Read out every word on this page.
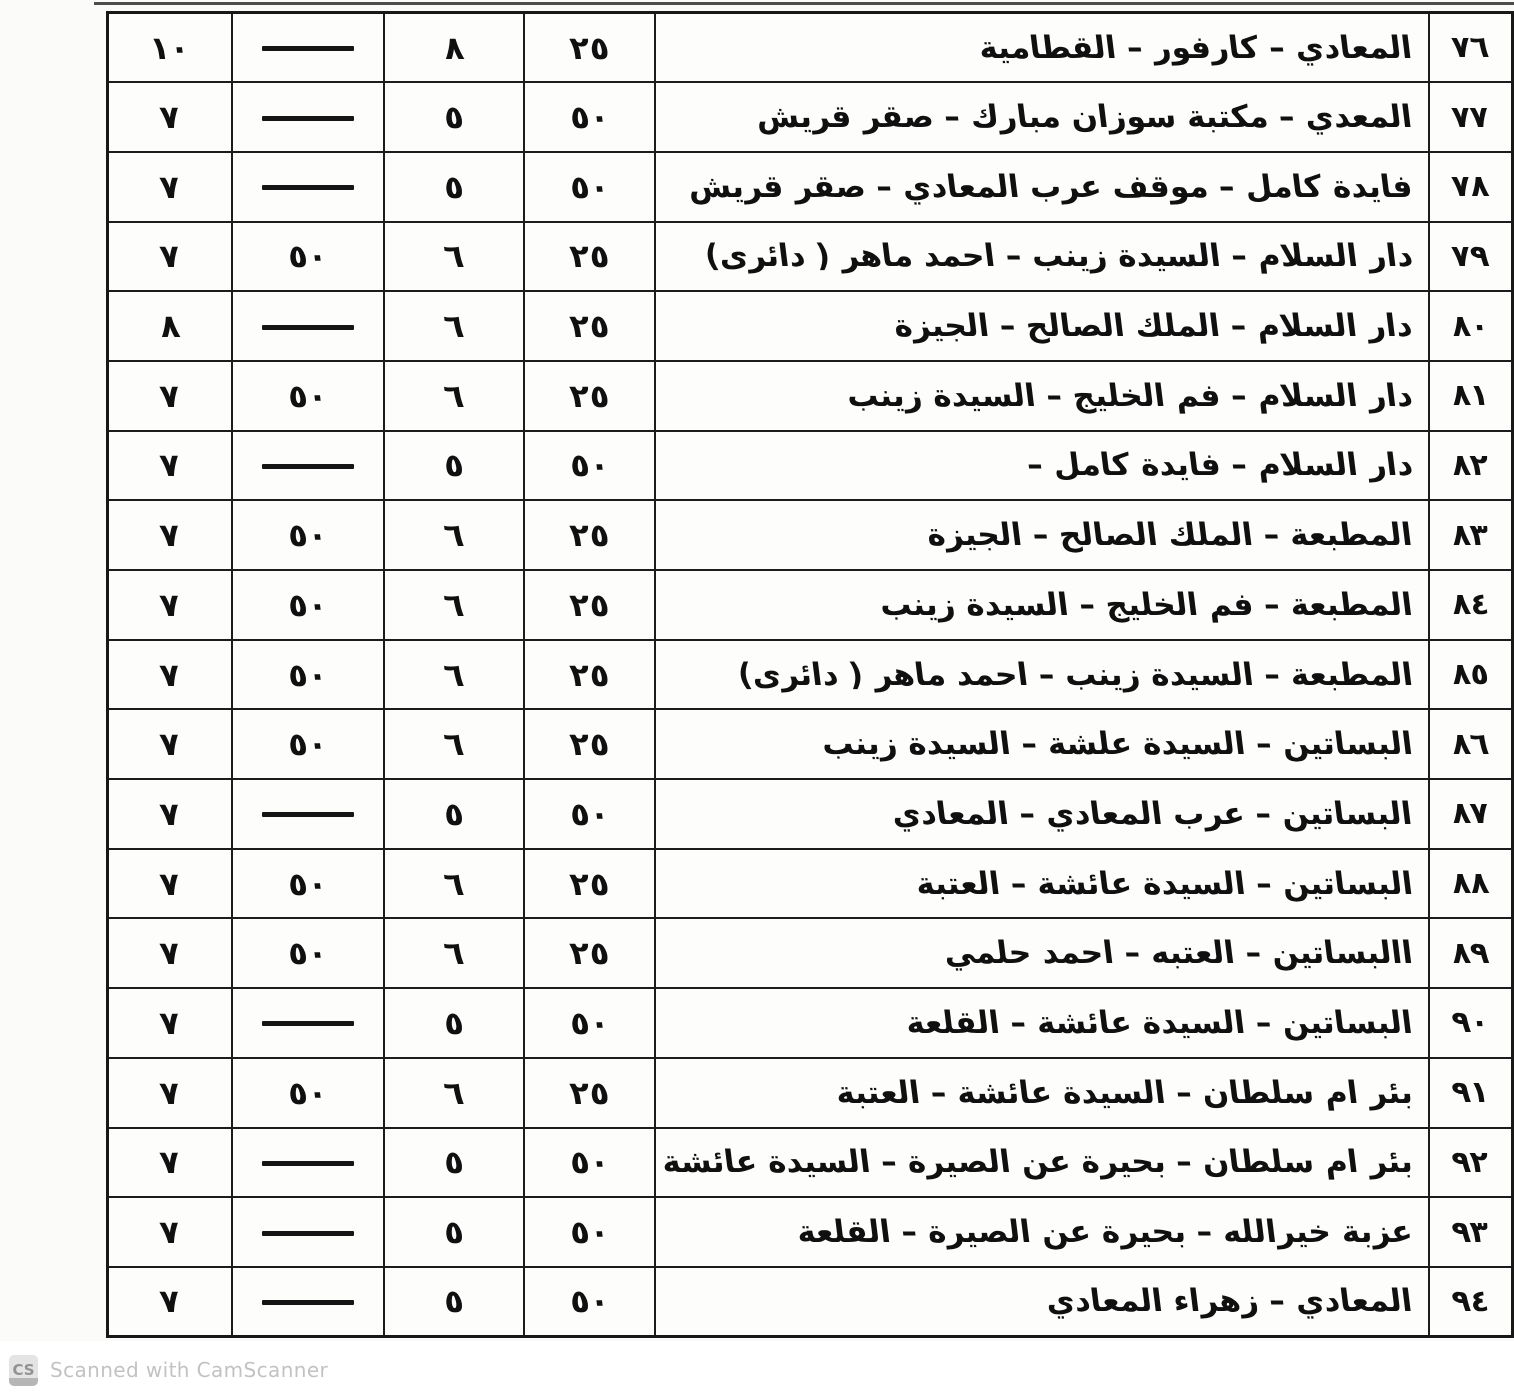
٧٦	المعادي – كارفور – القطامية	٢٥	٨		١٠
٧٧	المعدي – مكتبة سوزان مبارك – صقر قريش	٥٠	٥		٧
٧٨	فايدة كامل – موقف عرب المعادي – صقر قريش	٥٠	٥		٧
٧٩	دار السلام – السيدة زينب – احمد ماهر ( دائرى)	٢٥	٦	٥٠	٧
٨٠	دار السلام – الملك الصالح – الجيزة	٢٥	٦		٨
٨١	دار السلام – فم الخليج – السيدة زينب	٢٥	٦	٥٠	٧
٨٢	دار السلام – فايدة كامل –	٥٠	٥		٧
٨٣	المطبعة – الملك الصالح – الجيزة	٢٥	٦	٥٠	٧
٨٤	المطبعة – فم الخليج – السيدة زينب	٢٥	٦	٥٠	٧
٨٥	المطبعة – السيدة زينب – احمد ماهر ( دائرى)	٢٥	٦	٥٠	٧
٨٦	البساتين – السيدة علشة – السيدة زينب	٢٥	٦	٥٠	٧
٨٧	البساتين – عرب المعادي – المعادي	٥٠	٥		٧
٨٨	البساتين – السيدة عائشة – العتبة	٢٥	٦	٥٠	٧
٨٩	االبساتين – العتبه – احمد حلمي	٢٥	٦	٥٠	٧
٩٠	البساتين – السيدة عائشة – القلعة	٥٠	٥		٧
٩١	بئر ام سلطان – السيدة عائشة – العتبة	٢٥	٦	٥٠	٧
٩٢	بئر ام سلطان – بحيرة عن الصيرة – السيدة عائشة	٥٠	٥		٧
٩٣	عزبة خيرالله – بحيرة عن الصيرة – القلعة	٥٠	٥		٧
٩٤	المعادي – زهراء المعادي	٥٠	٥		٧
CS Scanned with CamScanner
